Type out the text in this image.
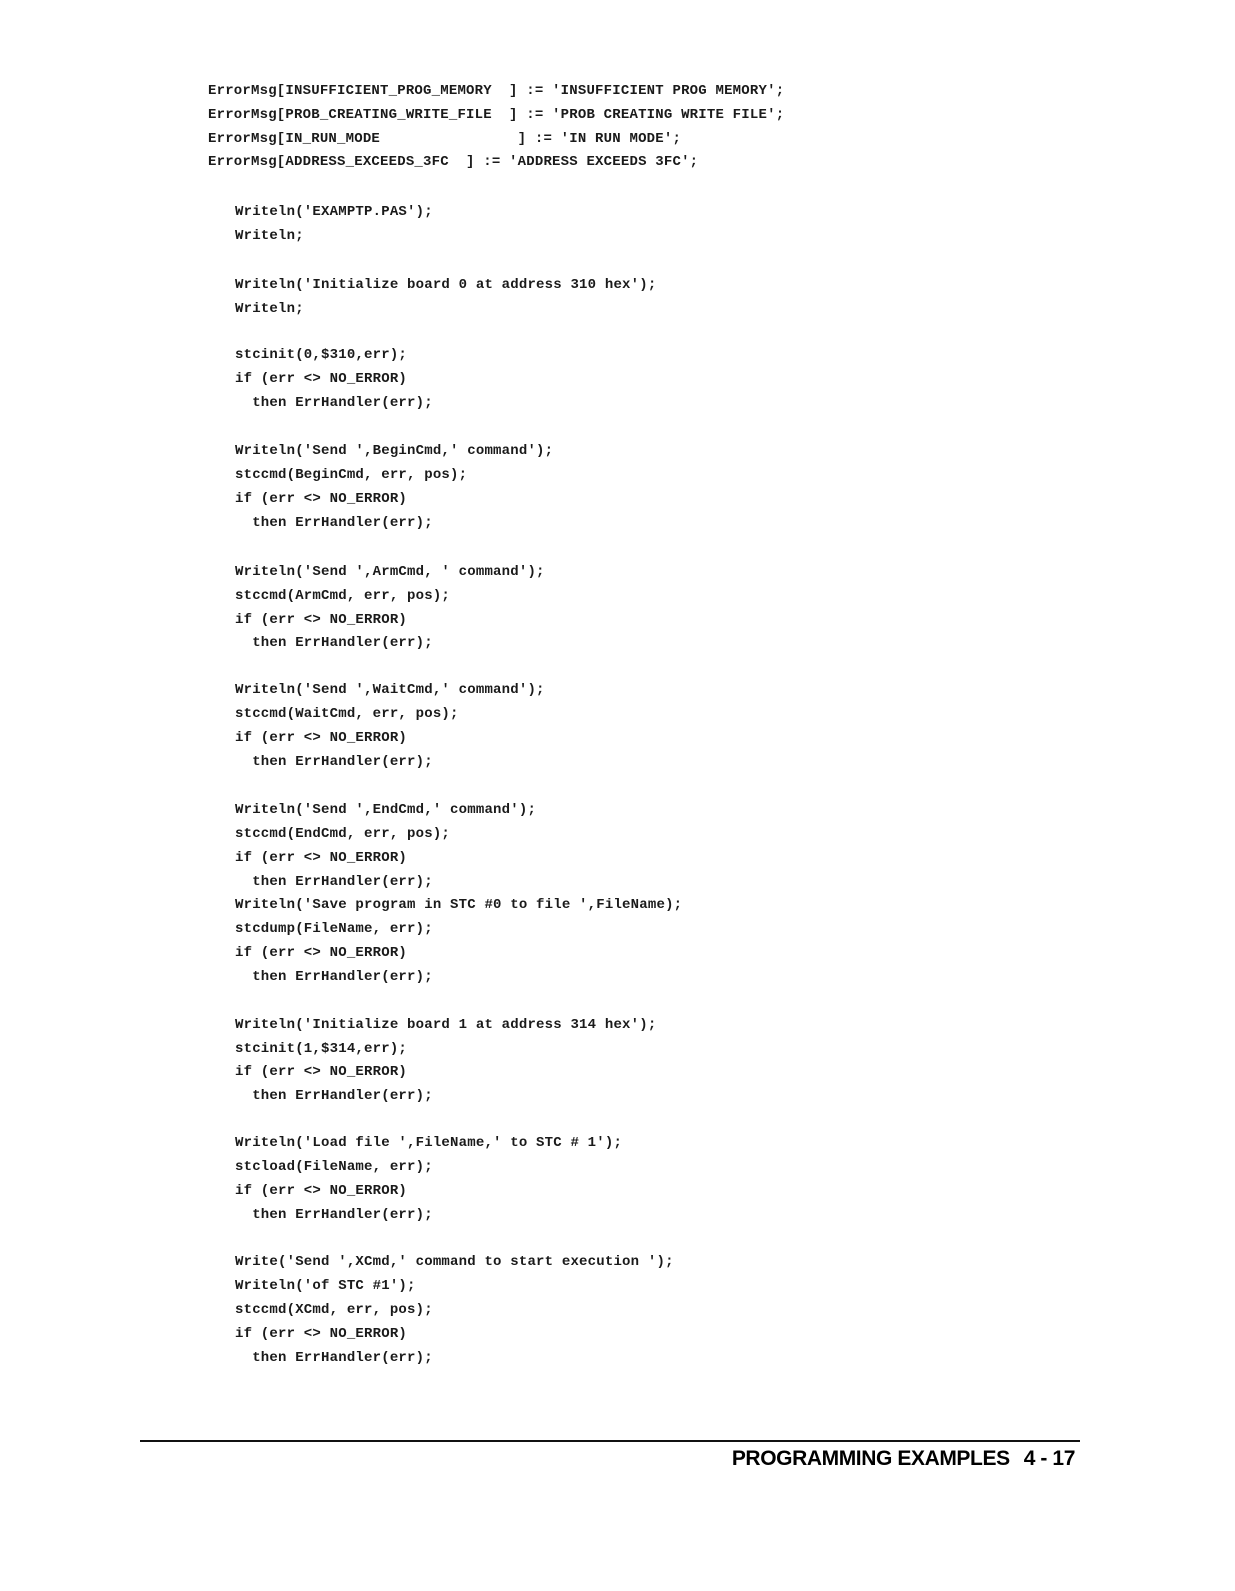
ErrorMsg[INSUFFICIENT_PROG_MEMORY  ] := 'INSUFFICIENT PROG MEMORY';
ErrorMsg[PROB_CREATING_WRITE_FILE  ] := 'PROB CREATING WRITE FILE';
ErrorMsg[IN_RUN_MODE                ] := 'IN RUN MODE';
ErrorMsg[ADDRESS_EXCEEDS_3FC  ] := 'ADDRESS EXCEEDS 3FC';
Writeln('EXAMPTP.PAS');
Writeln;
Writeln('Initialize board 0 at address 310 hex');
Writeln;
stcinit(0,$310,err);
if (err <> NO_ERROR)
then ErrHandler(err);
Writeln('Send ',BeginCmd,' command');
stccmd(BeginCmd, err, pos);
if (err <> NO_ERROR)
then ErrHandler(err);
Writeln('Send ',ArmCmd, ' command');
stccmd(ArmCmd, err, pos);
if (err <> NO_ERROR)
then ErrHandler(err);
Writeln('Send ',WaitCmd,' command');
stccmd(WaitCmd, err, pos);
if (err <> NO_ERROR)
then ErrHandler(err);
Writeln('Send ',EndCmd,' command');
stccmd(EndCmd, err, pos);
if (err <> NO_ERROR)
then ErrHandler(err);
Writeln('Save program in STC #0 to file ',FileName);
stcdump(FileName, err);
if (err <> NO_ERROR)
then ErrHandler(err);
Writeln('Initialize board 1 at address 314 hex');
stcinit(1,$314,err);
if (err <> NO_ERROR)
then ErrHandler(err);
Writeln('Load file ',FileName,' to STC # 1');
stcload(FileName, err);
if (err <> NO_ERROR)
then ErrHandler(err);
Write('Send ',XCmd,' command to start execution ');
Writeln('of STC #1');
stccmd(XCmd, err, pos);
if (err <> NO_ERROR)
then ErrHandler(err);
PROGRAMMING EXAMPLES 4 - 17
